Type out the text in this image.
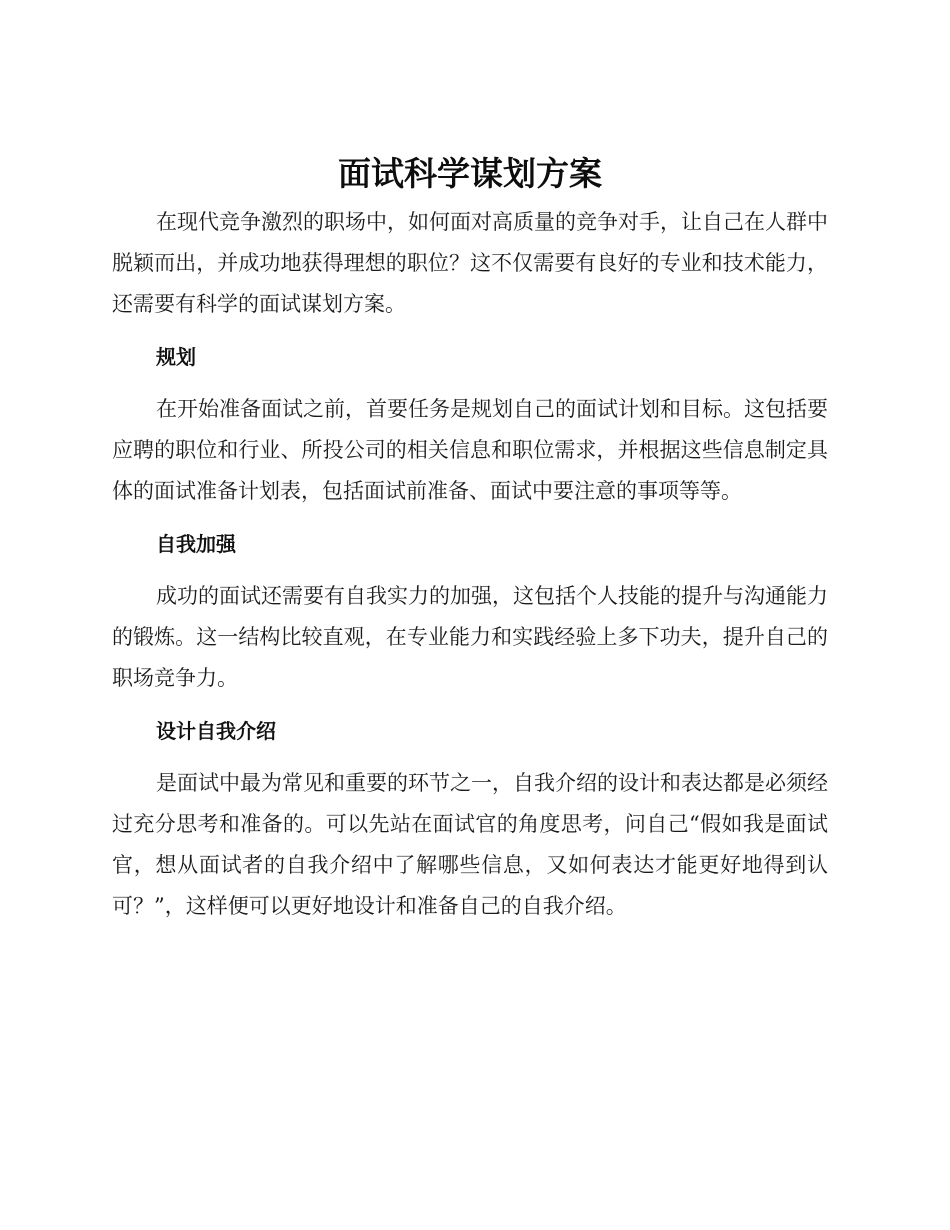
面试科学谋划方案

在现代竞争激烈的职场中，如何面对高质量的竞争对手，让自己在人群中脱颖而出，并成功地获得理想的职位？这不仅需要有良好的专业和技术能力，还需要有科学的面试谋划方案。

规划

在开始准备面试之前，首要任务是规划自己的面试计划和目标。这包括要应聘的职位和行业、所投公司的相关信息和职位需求，并根据这些信息制定具体的面试准备计划表，包括面试前准备、面试中要注意的事项等等。

自我加强

成功的面试还需要有自我实力的加强，这包括个人技能的提升与沟通能力的锻炼。这一结构比较直观，在专业能力和实践经验上多下功夫，提升自己的职场竞争力。

设计自我介绍

是面试中最为常见和重要的环节之一，自我介绍的设计和表达都是必须经过充分思考和准备的。可以先站在面试官的角度思考，问自己“假如我是面试官，想从面试者的自我介绍中了解哪些信息，又如何表达才能更好地得到认可？”，这样便可以更好地设计和准备自己的自我介绍。
